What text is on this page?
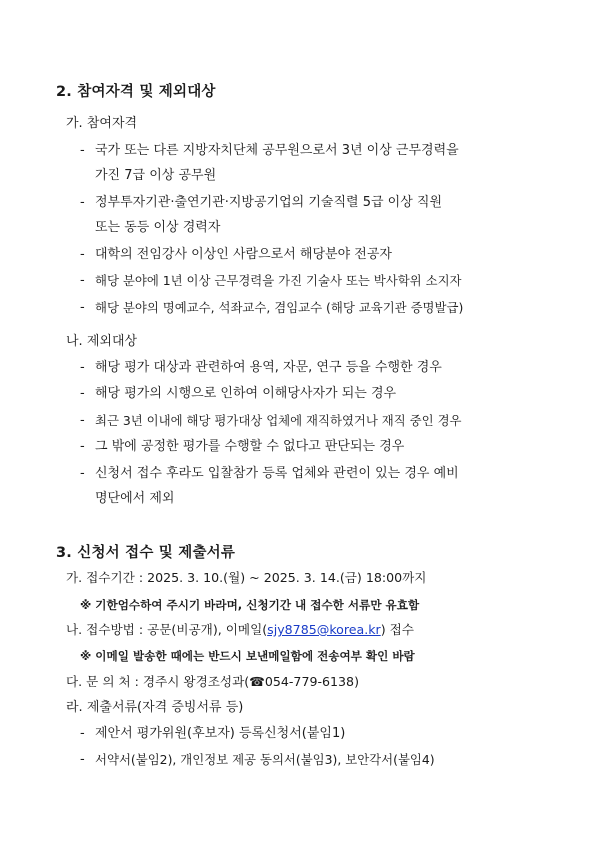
2. 참여자격 및 제외대상
가. 참여자격
- 국가 또는 다른 지방자치단체 공무원으로서 3년 이상 근무경력을
가진 7급 이상 공무원
- 정부투자기관·출연기관·지방공기업의 기술직렬 5급 이상 직원
또는 동등 이상 경력자
- 대학의 전임강사 이상인 사람으로서 해당분야 전공자
- 해당 분야에 1년 이상 근무경력을 가진 기술사 또는 박사학위 소지자
- 해당 분야의 명예교수, 석좌교수, 겸임교수 (해당 교육기관 증명발급)
나. 제외대상
- 해당 평가 대상과 관련하여 용역, 자문, 연구 등을 수행한 경우
- 해당 평가의 시행으로 인하여 이해당사자가 되는 경우
- 최근 3년 이내에 해당 평가대상 업체에 재직하였거나 재직 중인 경우
- 그 밖에 공정한 평가를 수행할 수 없다고 판단되는 경우
- 신청서 접수 후라도 입찰참가 등록 업체와 관련이 있는 경우 예비
명단에서 제외
3. 신청서 접수 및 제출서류
가. 접수기간 : 2025. 3. 10.(월) ~ 2025. 3. 14.(금) 18:00까지
※ 기한엄수하여 주시기 바라며, 신청기간 내 접수한 서류만 유효함
나. 접수방법 : 공문(비공개), 이메일(sjy8785@korea.kr) 접수
※ 이메일 발송한 때에는 반드시 보낸메일함에 전송여부 확인 바람
다. 문 의 처 : 경주시 왕경조성과(☎054-779-6138)
라. 제출서류(자격 증빙서류 등)
- 제안서 평가위원(후보자) 등록신청서(붙임1)
- 서약서(붙임2), 개인정보 제공 동의서(붙임3), 보안각서(붙임4)
